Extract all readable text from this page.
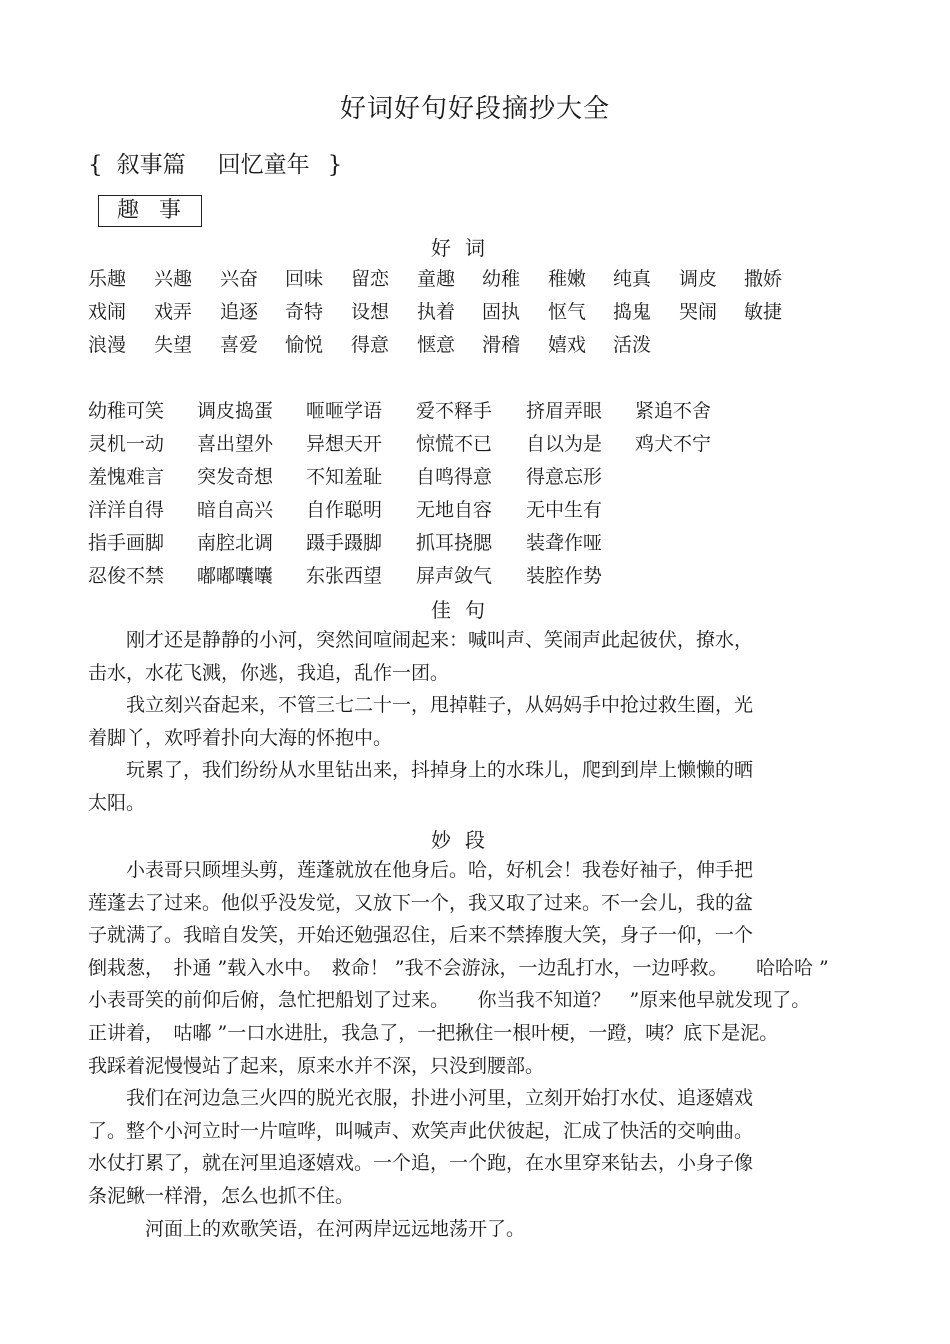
好词好句好段摘抄大全
{ 叙事篇 回忆童年 }
趣事
好词
乐趣 兴趣 兴奋 回味 留恋 童趣 幼稚 稚嫩 纯真 调皮 撒娇
戏闹 戏弄 追逐 奇特 设想 执着 固执 怄气 捣鬼 哭闹 敏捷
浪漫 失望 喜爱 愉悦 得意 惬意 滑稽 嬉戏 活泼
幼稚可笑 调皮捣蛋 咂咂学语 爱不释手 挤眉弄眼 紧追不舍
灵机一动 喜出望外 异想天开 惊慌不已 自以为是 鸡犬不宁
羞愧难言 突发奇想 不知羞耻 自鸣得意 得意忘形
洋洋自得 暗自高兴 自作聪明 无地自容 无中生有
指手画脚 南腔北调 蹑手蹑脚 抓耳挠腮 装聋作哑
忍俊不禁 嘟嘟囔囔 东张西望 屏声敛气 装腔作势
佳句
　　刚才还是静静的小河，突然间喧闹起来：喊叫声、笑闹声此起彼伏，撩水，
击水，水花飞溅，你逃，我追，乱作一团。
　　我立刻兴奋起来，不管三七二十一，甩掉鞋子，从妈妈手中抢过救生圈，光
着脚丫，欢呼着扑向大海的怀抱中。
　　玩累了，我们纷纷从水里钻出来，抖掉身上的水珠儿，爬到到岸上懒懒的晒
太阳。
妙段
　　小表哥只顾埋头剪，莲蓬就放在他身后。哈，好机会！我卷好袖子，伸手把
莲蓬去了过来。他似乎没发觉，又放下一个，我又取了过来。不一会儿，我的盆
子就满了。我暗自发笑，开始还勉强忍住，后来不禁捧腹大笑，身子一仰，一个
倒栽葱，　扑通 ”载入水中。　救命！ ”我不会游泳，一边乱打水，一边呼救。　　哈哈哈 ”
小表哥笑的前仰后俯，急忙把船划了过来。　　你当我不知道？　”原来他早就发现了。
正讲着，　咕嘟 ”一口水进肚，我急了，一把揪住一根叶梗，一蹬，咦？底下是泥。
我踩着泥慢慢站了起来，原来水并不深，只没到腰部。
　　我们在河边急三火四的脱光衣服，扑进小河里，立刻开始打水仗、追逐嬉戏
了。整个小河立时一片喧哗，叫喊声、欢笑声此伏彼起，汇成了快活的交响曲。
水仗打累了，就在河里追逐嬉戏。一个追，一个跑，在水里穿来钻去，小身子像
条泥鳅一样滑，怎么也抓不住。
　　　河面上的欢歌笑语，在河两岸远远地荡开了。
